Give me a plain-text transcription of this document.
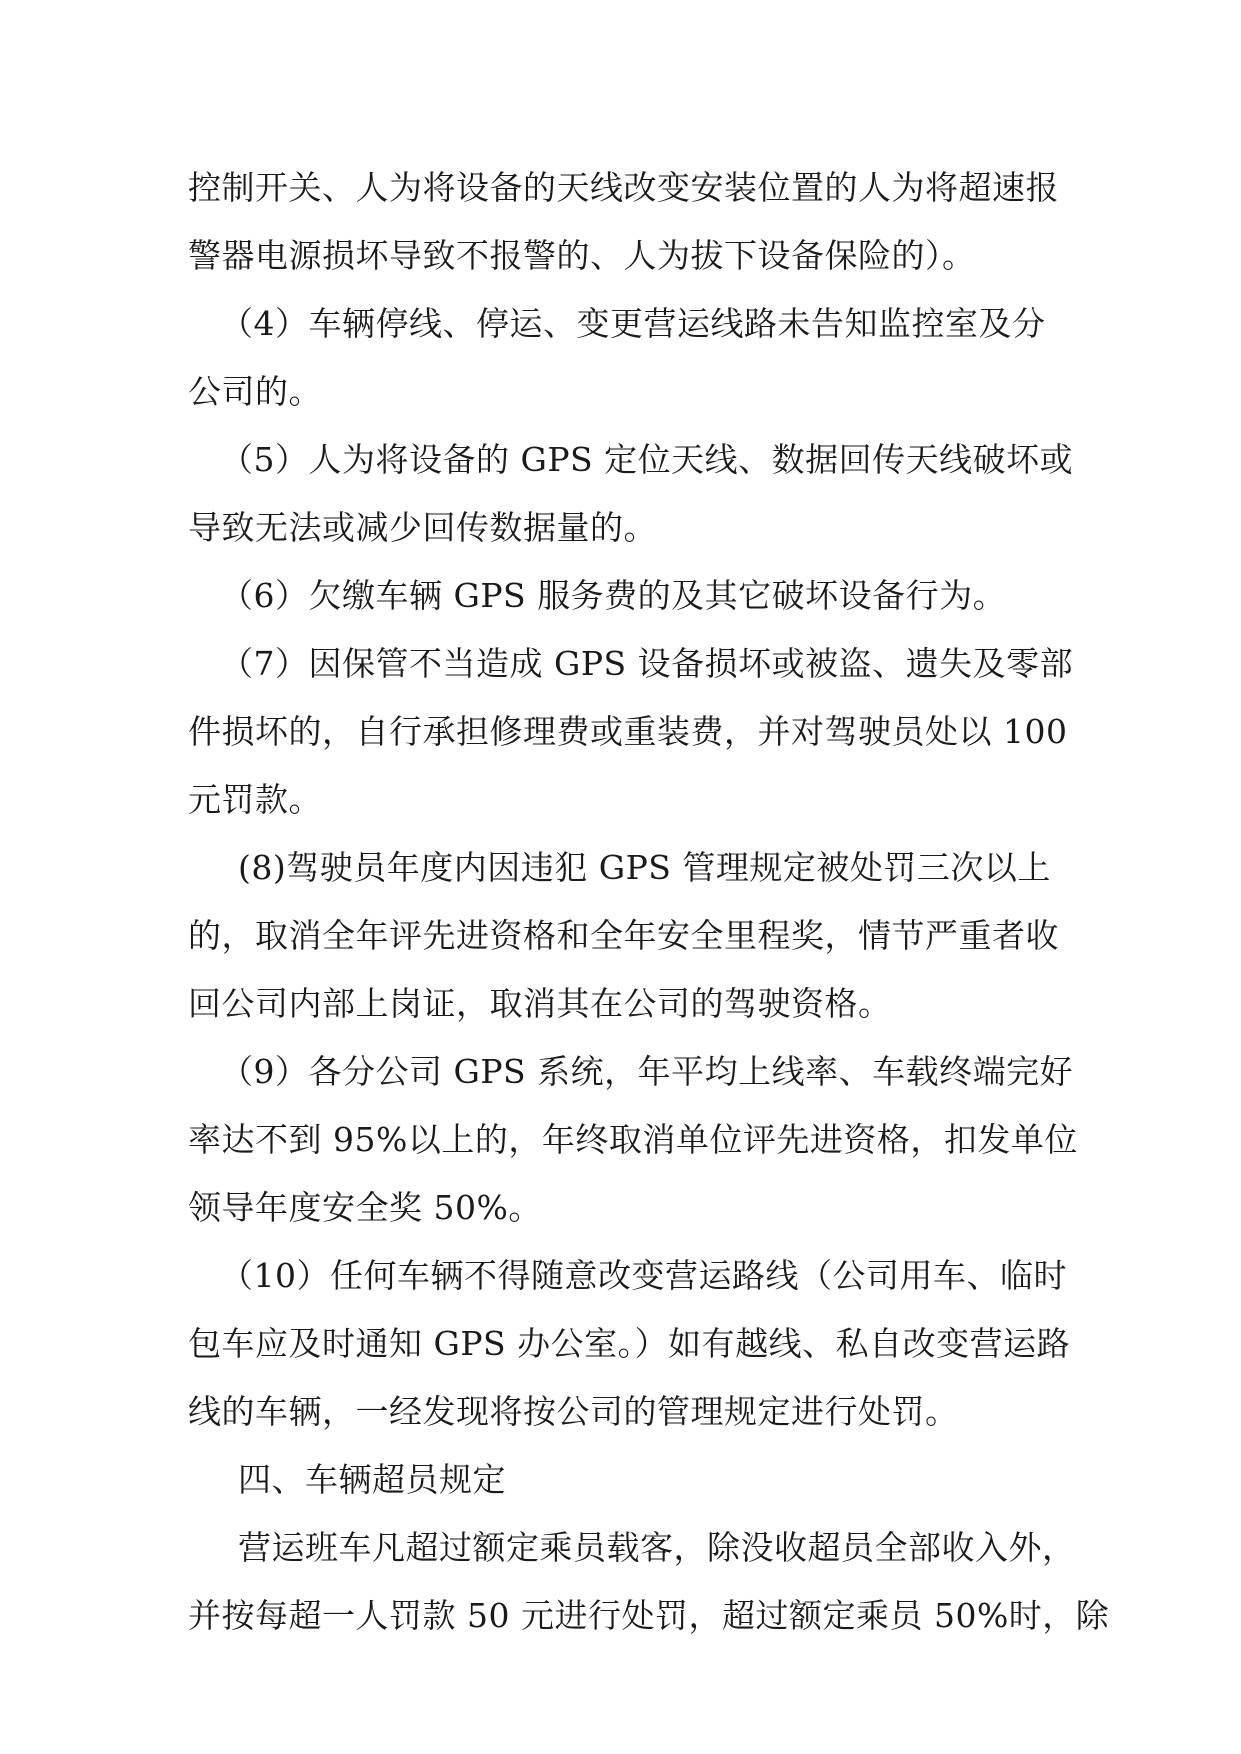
控制开关、人为将设备的天线改变安装位置的人为将超速报
警器电源损坏导致不报警的、人为拔下设备保险的）。
（4）车辆停线、停运、变更营运线路未告知监控室及分
公司的。
（5）人为将设备的 GPS 定位天线、数据回传天线破坏或
导致无法或减少回传数据量的。
（6）欠缴车辆 GPS 服务费的及其它破坏设备行为。
（7）因保管不当造成 GPS 设备损坏或被盗、遗失及零部
件损坏的，自行承担修理费或重装费，并对驾驶员处以 100
元罚款。
(8)驾驶员年度内因违犯 GPS 管理规定被处罚三次以上
的，取消全年评先进资格和全年安全里程奖，情节严重者收
回公司内部上岗证，取消其在公司的驾驶资格。
（9）各分公司 GPS 系统，年平均上线率、车载终端完好
率达不到 95%以上的，年终取消单位评先进资格，扣发单位
领导年度安全奖 50%。
（10）任何车辆不得随意改变营运路线（公司用车、临时
包车应及时通知 GPS 办公室。）如有越线、私自改变营运路
线的车辆，一经发现将按公司的管理规定进行处罚。
四、车辆超员规定
营运班车凡超过额定乘员载客，除没收超员全部收入外，
并按每超一人罚款 50 元进行处罚，超过额定乘员 50%时，除
